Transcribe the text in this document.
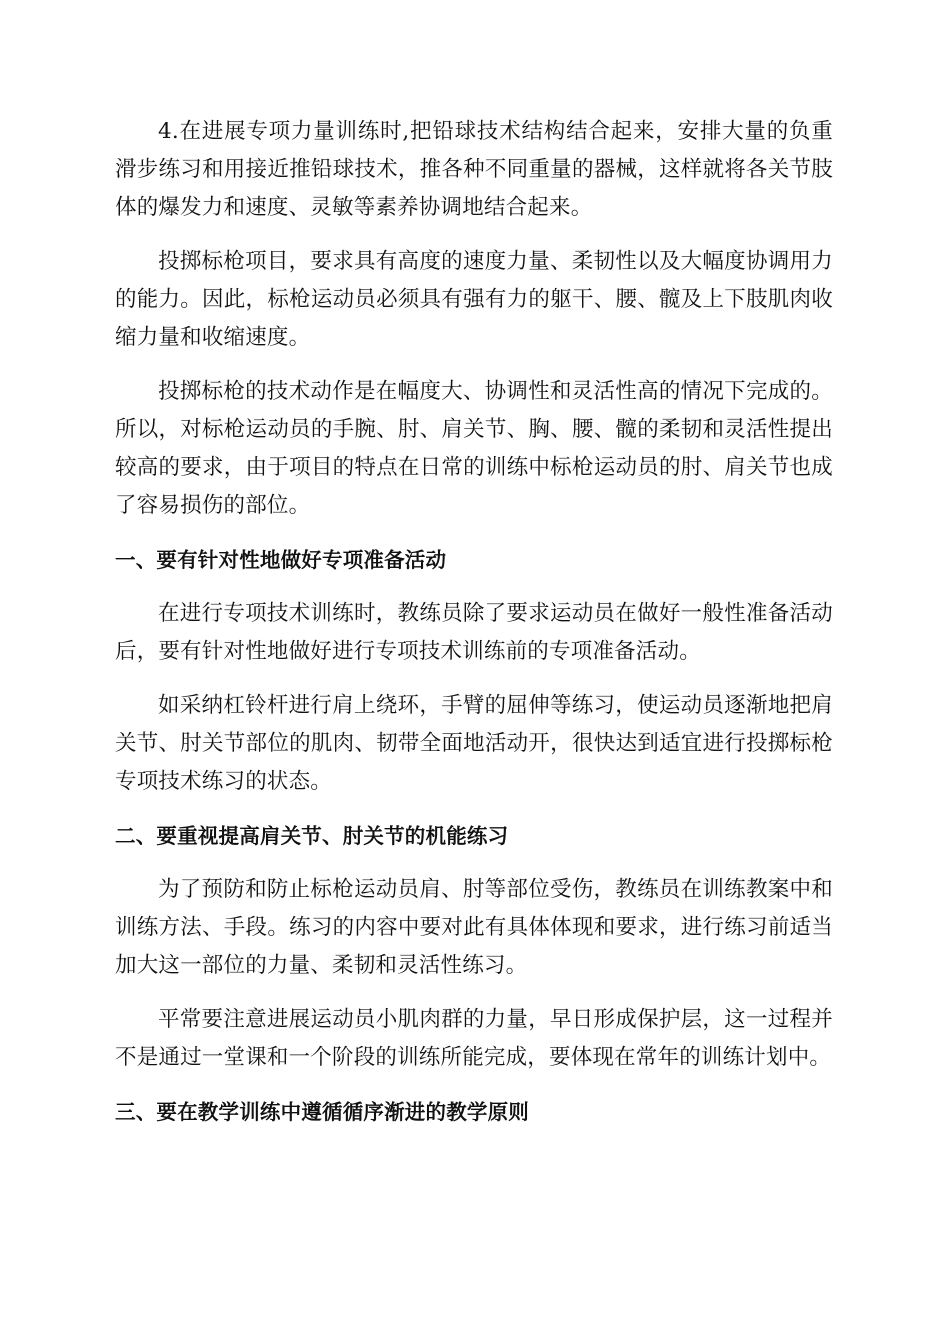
4.在进展专项力量训练时,把铅球技术结构结合起来，安排大量的负重滑步练习和用接近推铅球技术，推各种不同重量的器械，这样就将各关节肢体的爆发力和速度、灵敏等素养协调地结合起来。

投掷标枪项目，要求具有高度的速度力量、柔韧性以及大幅度协调用力的能力。因此，标枪运动员必须具有强有力的躯干、腰、髋及上下肢肌肉收缩力量和收缩速度。

投掷标枪的技术动作是在幅度大、协调性和灵活性高的情况下完成的。所以，对标枪运动员的手腕、肘、肩关节、胸、腰、髋的柔韧和灵活性提出较高的要求，由于项目的特点在日常的训练中标枪运动员的肘、肩关节也成了容易损伤的部位。

一、要有针对性地做好专项准备活动

在进行专项技术训练时，教练员除了要求运动员在做好一般性准备活动后，要有针对性地做好进行专项技术训练前的专项准备活动。

如采纳杠铃杆进行肩上绕环，手臂的屈伸等练习，使运动员逐渐地把肩关节、肘关节部位的肌肉、韧带全面地活动开，很快达到适宜进行投掷标枪专项技术练习的状态。

二、要重视提高肩关节、肘关节的机能练习

为了预防和防止标枪运动员肩、肘等部位受伤，教练员在训练教案中和训练方法、手段。练习的内容中要对此有具体体现和要求，进行练习前适当加大这一部位的力量、柔韧和灵活性练习。

平常要注意进展运动员小肌肉群的力量，早日形成保护层，这一过程并不是通过一堂课和一个阶段的训练所能完成，要体现在常年的训练计划中。

三、要在教学训练中遵循循序渐进的教学原则
